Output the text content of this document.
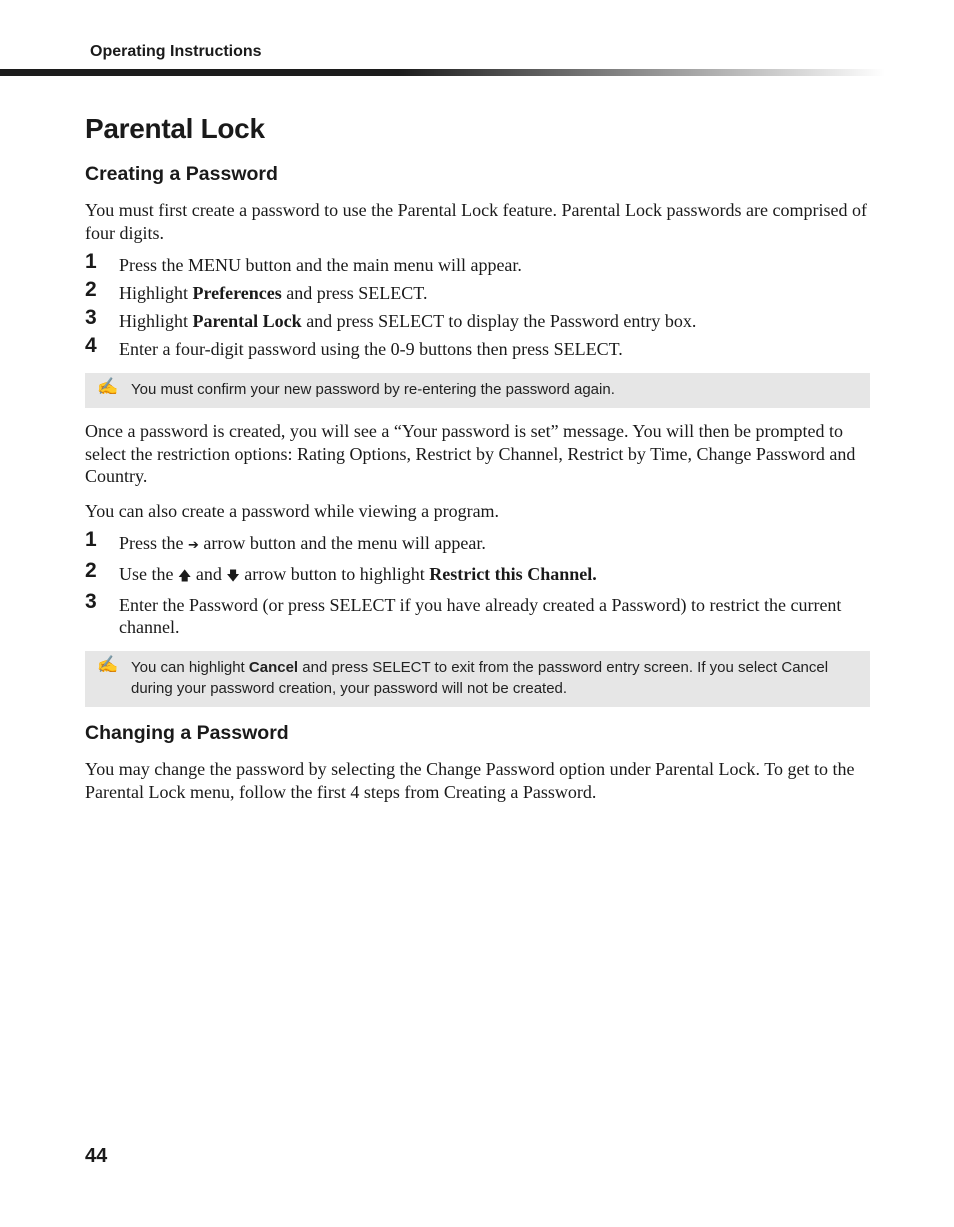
Operating Instructions
Parental Lock
Creating a Password

You must first create a password to use the Parental Lock feature. Parental Lock passwords are comprised of four digits.

1 Press the MENU button and the main menu will appear.
2 Highlight Preferences and press SELECT.
3 Highlight Parental Lock and press SELECT to display the Password entry box.
4 Enter a four-digit password using the 0-9 buttons then press SELECT.
✍ You must confirm your new password by re-entering the password again.

Once a password is created, you will see a “Your password is set” message. You will then be prompted to select the restriction options: Rating Options, Restrict by Channel, Restrict by Time, Change Password and Country.

You can also create a password while viewing a program.

1 Press the ➔ arrow button and the menu will appear.
2 Use the 🡅 and 🡇 arrow button to highlight Restrict this Channel.
3 Enter the Password (or press SELECT if you have already created a Password) to restrict the current channel.
✍ You can highlight Cancel and press SELECT to exit from the password entry screen. If you select Cancel during your password creation, your password will not be created.
Changing a Password

You may change the password by selecting the Change Password option under Parental Lock. To get to the Parental Lock menu, follow the first 4 steps from Creating a Password.

44
